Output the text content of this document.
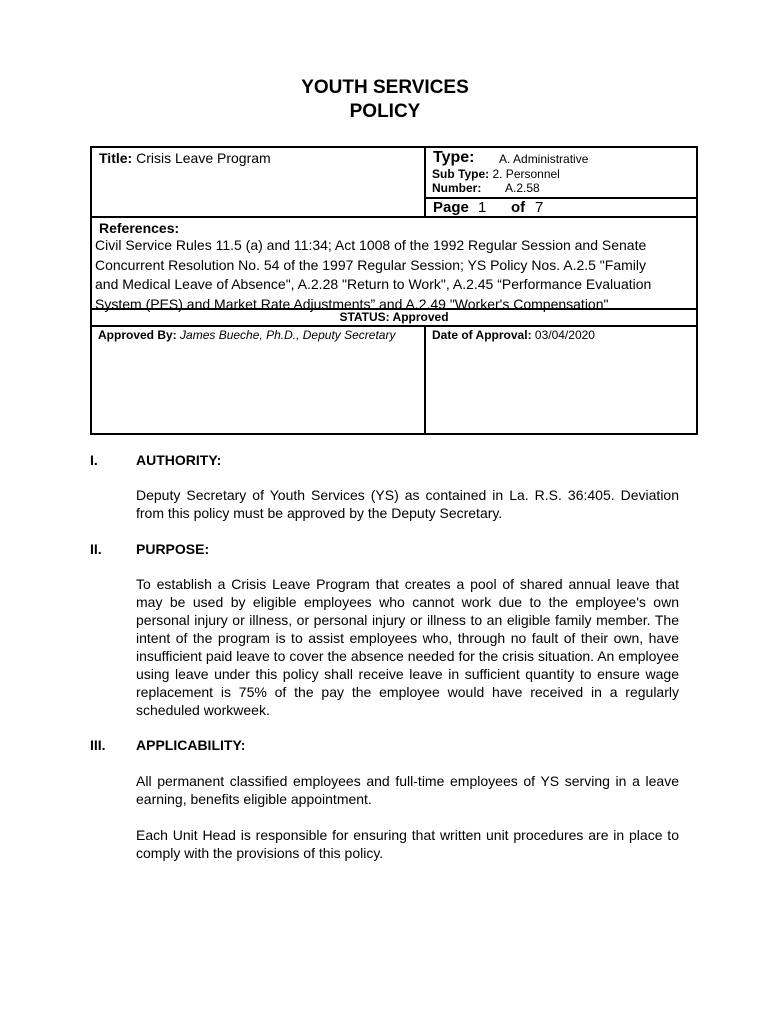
YOUTH SERVICES
POLICY
Title: Crisis Leave Program	Type: A. Administrative
Sub Type: 2. Personnel
Number: A.2.58
Page 1 of 7
References:
Civil Service Rules 11.5 (a) and 11:34; Act 1008 of the 1992 Regular Session and Senate
Concurrent Resolution No. 54 of the 1997 Regular Session; YS Policy Nos. A.2.5 "Family
and Medical Leave of Absence", A.2.28 "Return to Work", A.2.45 “Performance Evaluation
System (PES) and Market Rate Adjustments” and A.2.49 "Worker's Compensation"
STATUS: Approved
Approved By: James Bueche, Ph.D., Deputy Secretary	Date of Approval: 03/04/2020
I.	AUTHORITY:
Deputy Secretary of Youth Services (YS) as contained in La. R.S. 36:405. Deviation from this policy must be approved by the Deputy Secretary.
II. PURPOSE:
To establish a Crisis Leave Program that creates a pool of shared annual leave that may be used by eligible employees who cannot work due to the employee's own personal injury or illness, or personal injury or illness to an eligible family member. The intent of the program is to assist employees who, through no fault of their own, have insufficient paid leave to cover the absence needed for the crisis situation. An employee using leave under this policy shall receive leave in sufficient quantity to ensure wage replacement is 75% of the pay the employee would have received in a regularly scheduled workweek.
III. APPLICABILITY:
All permanent classified employees and full-time employees of YS serving in a leave earning, benefits eligible appointment.
Each Unit Head is responsible for ensuring that written unit procedures are in place to comply with the provisions of this policy.
